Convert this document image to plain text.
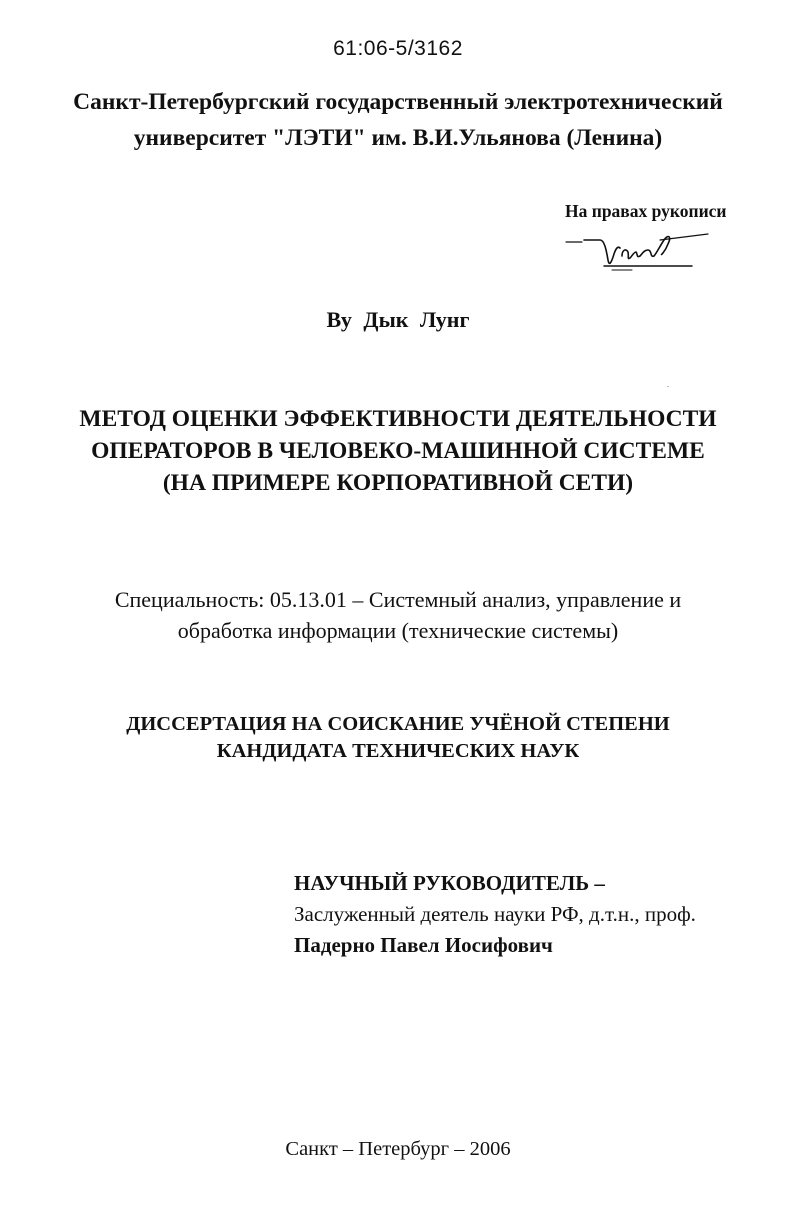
61:06-5/3162
Санкт-Петербургский государственный электротехнический
университет "ЛЭТИ" им. В.И.Ульянова (Ленина)
На правах рукописи
Ву Дык Лунг
МЕТОД ОЦЕНКИ ЭФФЕКТИВНОСТИ ДЕЯТЕЛЬНОСТИ
ОПЕРАТОРОВ В ЧЕЛОВЕКО-МАШИННОЙ СИСТЕМЕ
(НА ПРИМЕРЕ КОРПОРАТИВНОЙ СЕТИ)
Специальность: 05.13.01 – Системный анализ, управление и
обработка информации (технические системы)
ДИССЕРТАЦИЯ НА СОИСКАНИЕ УЧЁНОЙ СТЕПЕНИ
КАНДИДАТА ТЕХНИЧЕСКИХ НАУК
НАУЧНЫЙ РУКОВОДИТЕЛЬ –
Заслуженный деятель науки РФ, д.т.н., проф.
Падерно Павел Иосифович
Санкт – Петербург – 2006
